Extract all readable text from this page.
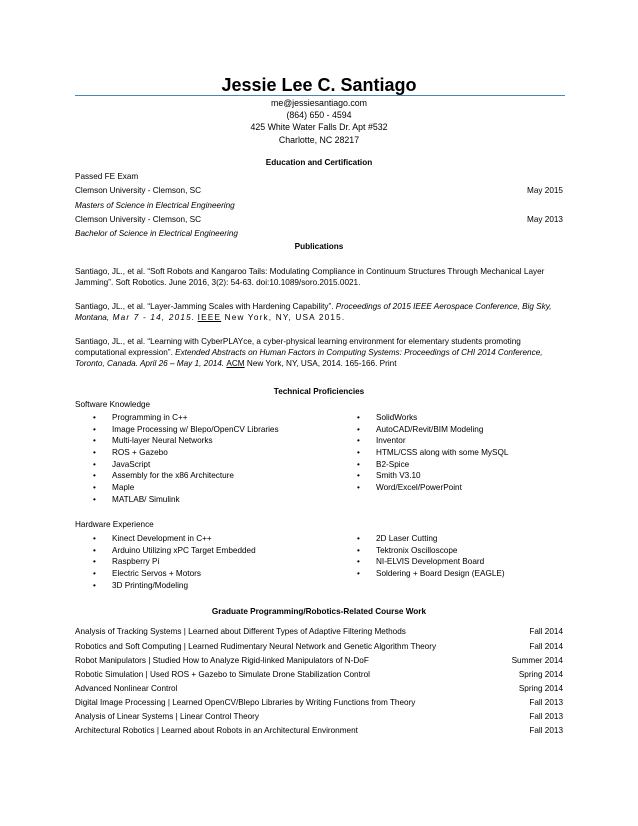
Jessie Lee C. Santiago
me@jessiesantiago.com
(864) 650 - 4594
425 White Water Falls Dr. Apt #532
Charlotte, NC 28217
Education and Certification
Passed FE Exam
Clemson University - Clemson, SC	May 2015
Masters of Science in Electrical Engineering
Clemson University - Clemson, SC	May 2013
Bachelor of Science in Electrical Engineering
Publications
Santiago, JL., et al. “Soft Robots and Kangaroo Tails: Modulating Compliance in Continuum Structures Through Mechanical Layer Jamming”. Soft Robotics. June 2016, 3(2): 54-63. doi:10.1089/soro.2015.0021.
Santiago, JL., et al. “Layer-Jamming Scales with Hardening Capability”. Proceedings of 2015 IEEE Aerospace Conference, Big Sky, Montana, Mar 7 - 14, 2015. IEEE New York, NY, USA 2015.
Santiago, JL., et al. “Learning with CyberPLAYce, a cyber-physical learning environment for elementary students promoting computational expression”. Extended Abstracts on Human Factors in Computing Systems: Proceedings of CHI 2014 Conference, Toronto, Canada. April 26 – May 1, 2014. ACM New York, NY, USA, 2014. 165-166. Print
Technical Proficiencies
Software Knowledge
• Programming in C++
• Image Processing w/ Blepo/OpenCV Libraries
• Multi-layer Neural Networks
• ROS + Gazebo
• JavaScript
• Assembly for the x86 Architecture
• Maple
• MATLAB/ Simulink
• SolidWorks
• AutoCAD/Revit/BIM Modeling
• Inventor
• HTML/CSS along with some MySQL
• B2-Spice
• Smith V3.10
• Word/Excel/PowerPoint
Hardware Experience
• Kinect Development in C++
• Arduino Utilizing xPC Target Embedded
• Raspberry Pi
• Electric Servos + Motors
• 3D Printing/Modeling
• 2D Laser Cutting
• Tektronix Oscilloscope
• NI-ELVIS Development Board
• Soldering + Board Design (EAGLE)
Graduate Programming/Robotics-Related Course Work
Analysis of Tracking Systems | Learned about Different Types of Adaptive Filtering Methods	Fall 2014
Robotics and Soft Computing | Learned Rudimentary Neural Network and Genetic Algorithm Theory	Fall 2014
Robot Manipulators | Studied How to Analyze Rigid-linked Manipulators of N-DoF	Summer 2014
Robotic Simulation | Used ROS + Gazebo to Simulate Drone Stabilization Control	Spring 2014
Advanced Nonlinear Control	Spring 2014
Digital Image Processing | Learned OpenCV/Blepo Libraries by Writing Functions from Theory	Fall 2013
Analysis of Linear Systems | Linear Control Theory	Fall 2013
Architectural Robotics | Learned about Robots in an Architectural Environment	Fall 2013
